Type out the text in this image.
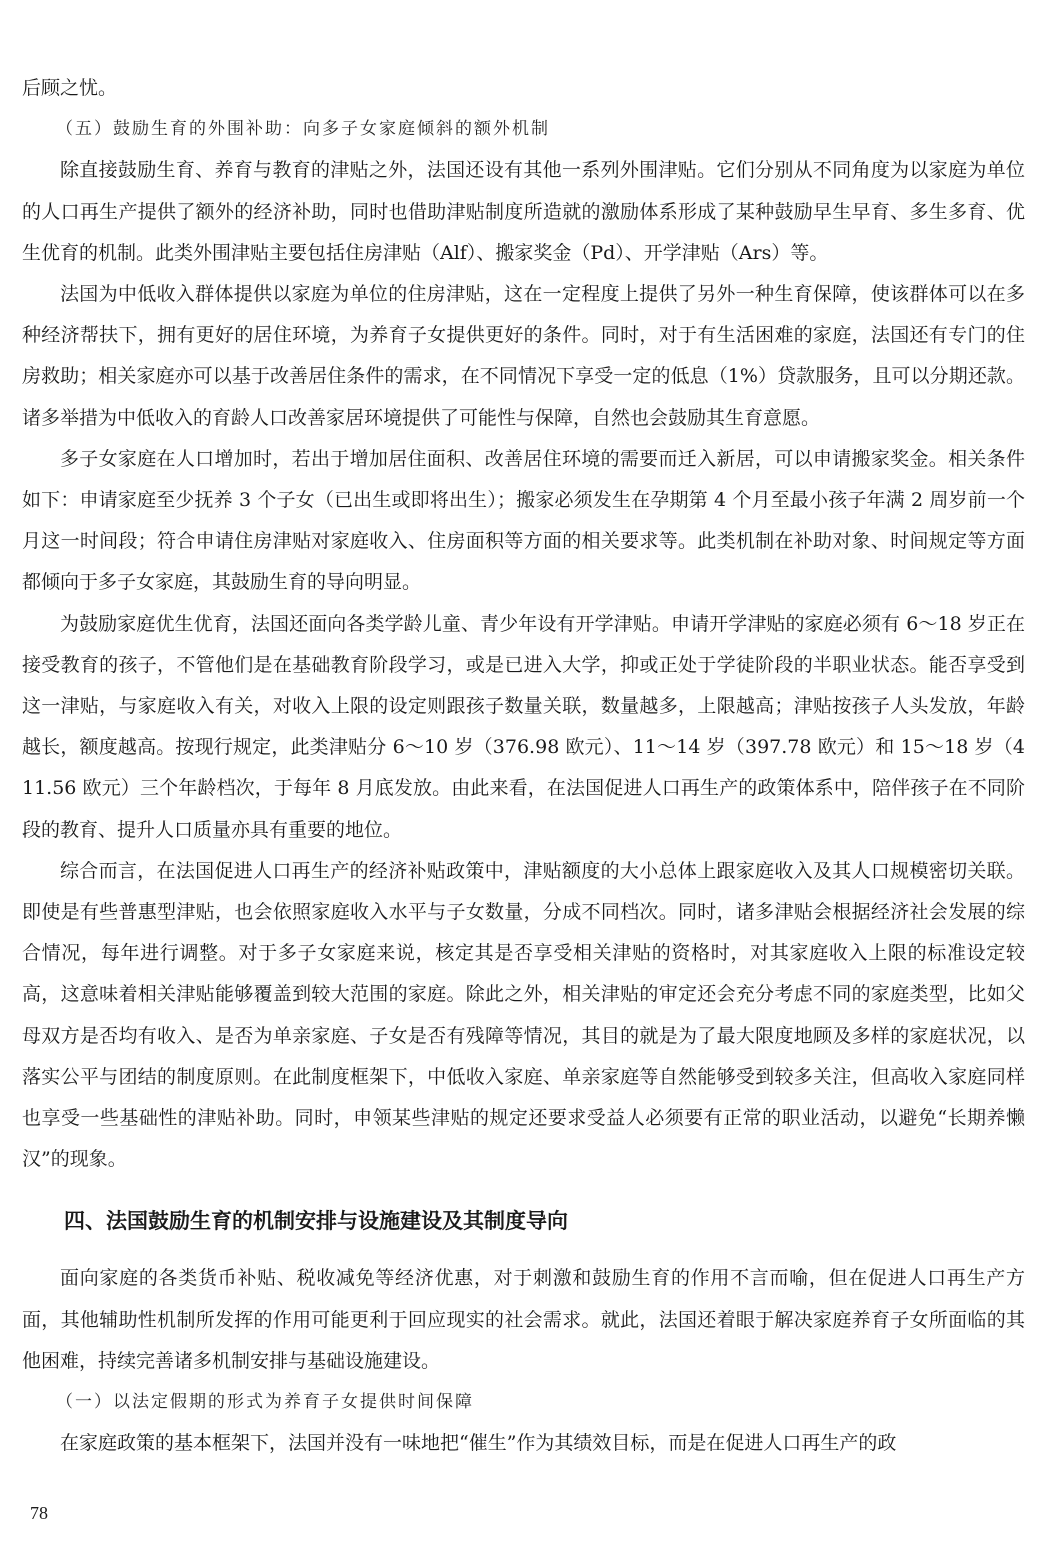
后顾之忧。

（五）鼓励生育的外围补助：向多子女家庭倾斜的额外机制

除直接鼓励生育、养育与教育的津贴之外，法国还设有其他一系列外围津贴。它们分别从不同角度为以家庭为单位的人口再生产提供了额外的经济补助，同时也借助津贴制度所造就的激励体系形成了某种鼓励早生早育、多生多育、优生优育的机制。此类外围津贴主要包括住房津贴（Alf）、搬家奖金（Pd）、开学津贴（Ars）等。

法国为中低收入群体提供以家庭为单位的住房津贴，这在一定程度上提供了另外一种生育保障，使该群体可以在多种经济帮扶下，拥有更好的居住环境，为养育子女提供更好的条件。同时，对于有生活困难的家庭，法国还有专门的住房救助；相关家庭亦可以基于改善居住条件的需求，在不同情况下享受一定的低息（1%）贷款服务，且可以分期还款。诸多举措为中低收入的育龄人口改善家居环境提供了可能性与保障，自然也会鼓励其生育意愿。

多子女家庭在人口增加时，若出于增加居住面积、改善居住环境的需要而迁入新居，可以申请搬家奖金。相关条件如下：申请家庭至少抚养 3 个子女（已出生或即将出生）；搬家必须发生在孕期第 4 个月至最小孩子年满 2 周岁前一个月这一时间段；符合申请住房津贴对家庭收入、住房面积等方面的相关要求等。此类机制在补助对象、时间规定等方面都倾向于多子女家庭，其鼓励生育的导向明显。

为鼓励家庭优生优育，法国还面向各类学龄儿童、青少年设有开学津贴。申请开学津贴的家庭必须有 6～18 岁正在接受教育的孩子，不管他们是在基础教育阶段学习，或是已进入大学，抑或正处于学徒阶段的半职业状态。能否享受到这一津贴，与家庭收入有关，对收入上限的设定则跟孩子数量关联，数量越多，上限越高；津贴按孩子人头发放，年龄越长，额度越高。按现行规定，此类津贴分 6～10 岁（376.98 欧元）、11～14 岁（397.78 欧元）和 15～18 岁（411.56 欧元）三个年龄档次，于每年 8 月底发放。由此来看，在法国促进人口再生产的政策体系中，陪伴孩子在不同阶段的教育、提升人口质量亦具有重要的地位。

综合而言，在法国促进人口再生产的经济补贴政策中，津贴额度的大小总体上跟家庭收入及其人口规模密切关联。即使是有些普惠型津贴，也会依照家庭收入水平与子女数量，分成不同档次。同时，诸多津贴会根据经济社会发展的综合情况，每年进行调整。对于多子女家庭来说，核定其是否享受相关津贴的资格时，对其家庭收入上限的标准设定较高，这意味着相关津贴能够覆盖到较大范围的家庭。除此之外，相关津贴的审定还会充分考虑不同的家庭类型，比如父母双方是否均有收入、是否为单亲家庭、子女是否有残障等情况，其目的就是为了最大限度地顾及多样的家庭状况，以落实公平与团结的制度原则。在此制度框架下，中低收入家庭、单亲家庭等自然能够受到较多关注，但高收入家庭同样也享受一些基础性的津贴补助。同时，申领某些津贴的规定还要求受益人必须要有正常的职业活动，以避免“长期养懒汉”的现象。

四、法国鼓励生育的机制安排与设施建设及其制度导向

面向家庭的各类货币补贴、税收减免等经济优惠，对于刺激和鼓励生育的作用不言而喻，但在促进人口再生产方面，其他辅助性机制所发挥的作用可能更利于回应现实的社会需求。就此，法国还着眼于解决家庭养育子女所面临的其他困难，持续完善诸多机制安排与基础设施建设。

（一）以法定假期的形式为养育子女提供时间保障

在家庭政策的基本框架下，法国并没有一味地把“催生”作为其绩效目标，而是在促进人口再生产的政

78
